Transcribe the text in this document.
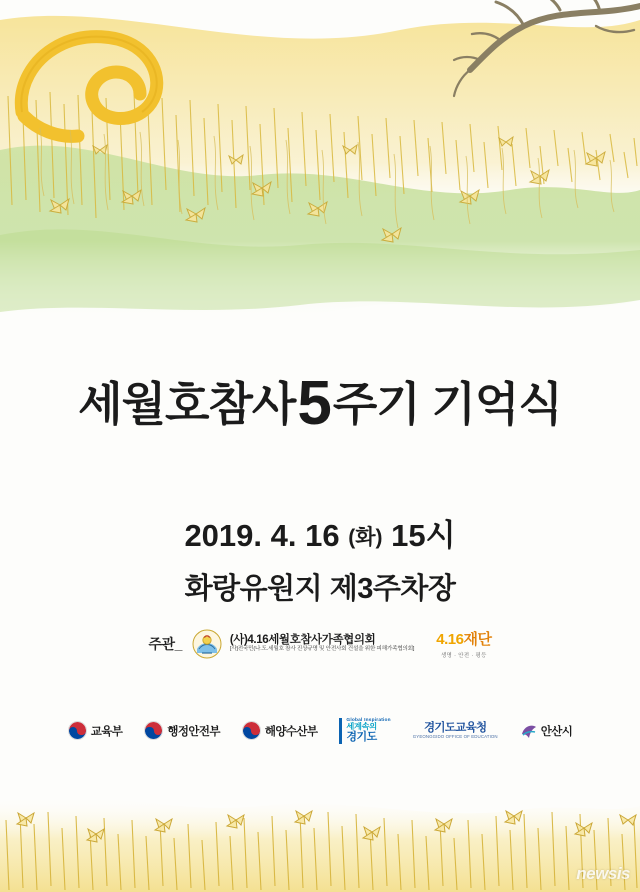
세월호참사5주기 기억식
2019. 4. 16 (화) 15시
화랑유원지 제3주차장
주관_	(사)4.16세월호참사가족협의회
[사]전국민(나.도.세월호 참사 진상규명 및 안전사회 건설을 위한 피해가족협의회]
4.16재단
생명 · 안전 · 평등
교육부	행정안전부	해양수산부
Global Inspiration
세계속의
경기도
경기도교육청
GYEONGGIDO OFFICE OF EDUCATION	안산시
newsis
